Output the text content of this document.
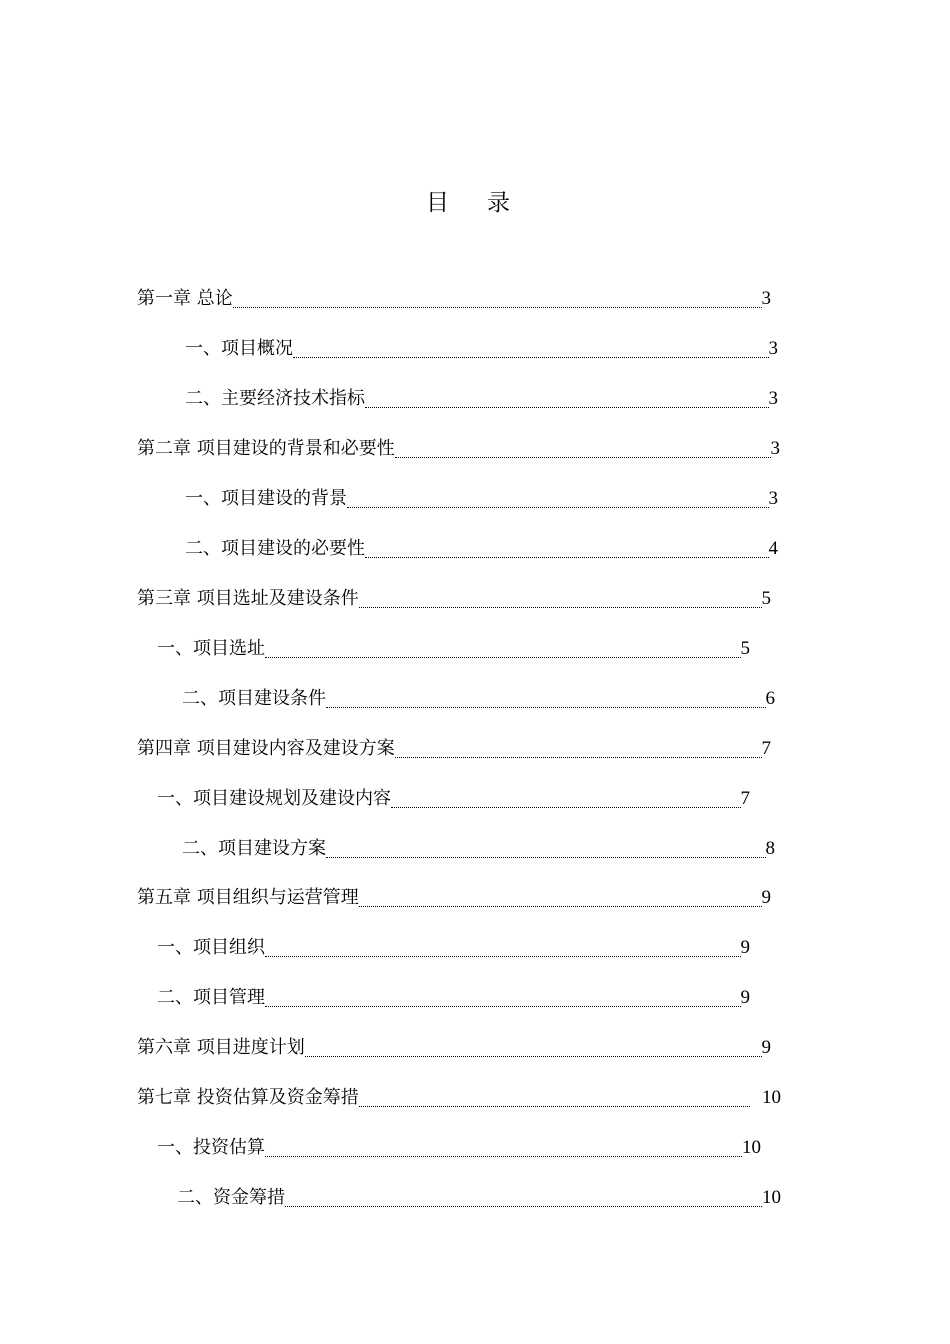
目 录
第一章 总论	3
一、项目概况	3
二、主要经济技术指标	3
第二章 项目建设的背景和必要性	3
一、项目建设的背景	3
二、项目建设的必要性	4
第三章 项目选址及建设条件	5
一、项目选址	5
二、项目建设条件	6
第四章 项目建设内容及建设方案	7
一、项目建设规划及建设内容	7
二、项目建设方案	8
第五章 项目组织与运营管理	9
一、项目组织	9
二、项目管理	9
第六章 项目进度计划	9
第七章 投资估算及资金筹措	10
一、投资估算	10
二、资金筹措	10
